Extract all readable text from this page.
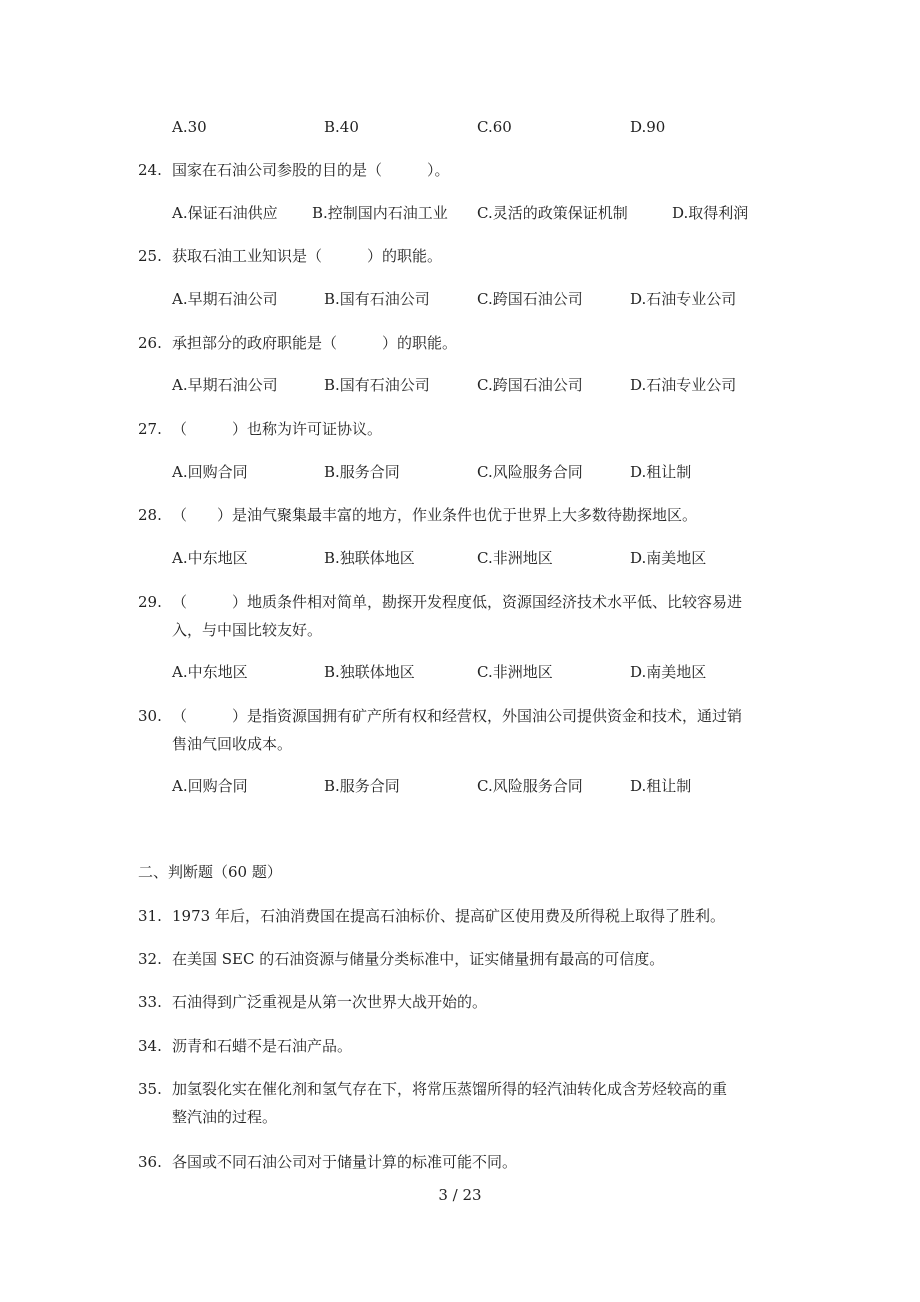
A.30	B.40	C.60	D.90
24. 国家在石油公司参股的目的是（　　　）。
A.保证石油供应 B.控制国内石油工业 C.灵活的政策保证机制	D.取得利润
25. 获取石油工业知识是（　　　）的职能。
A.早期石油公司	B.国有石油公司	C.跨国石油公司	D.石油专业公司
26. 承担部分的政府职能是（　　　）的职能。
A.早期石油公司	B.国有石油公司	C.跨国石油公司	D.石油专业公司
27. （　　　）也称为许可证协议。
A.回购合同	B.服务合同	C.风险服务合同	D.租让制
28. （　　）是油气聚集最丰富的地方，作业条件也优于世界上大多数待勘探地区。
A.中东地区	B.独联体地区	C.非洲地区	D.南美地区
29. （　　　）地质条件相对简单，勘探开发程度低，资源国经济技术水平低、比较容易进
入，与中国比较友好。
A.中东地区	B.独联体地区	C.非洲地区	D.南美地区
30. （　　　）是指资源国拥有矿产所有权和经营权，外国油公司提供资金和技术，通过销
售油气回收成本。
A.回购合同	B.服务合同	C.风险服务合同	D.租让制
二、判断题（60 题）
31. 1973 年后，石油消费国在提高石油标价、提高矿区使用费及所得税上取得了胜利。
32. 在美国 SEC 的石油资源与储量分类标准中，证实储量拥有最高的可信度。
33. 石油得到广泛重视是从第一次世界大战开始的。
34. 沥青和石蜡不是石油产品。
35. 加氢裂化实在催化剂和氢气存在下，将常压蒸馏所得的轻汽油转化成含芳烃较高的重
整汽油的过程。
36. 各国或不同石油公司对于储量计算的标准可能不同。
3 / 23
